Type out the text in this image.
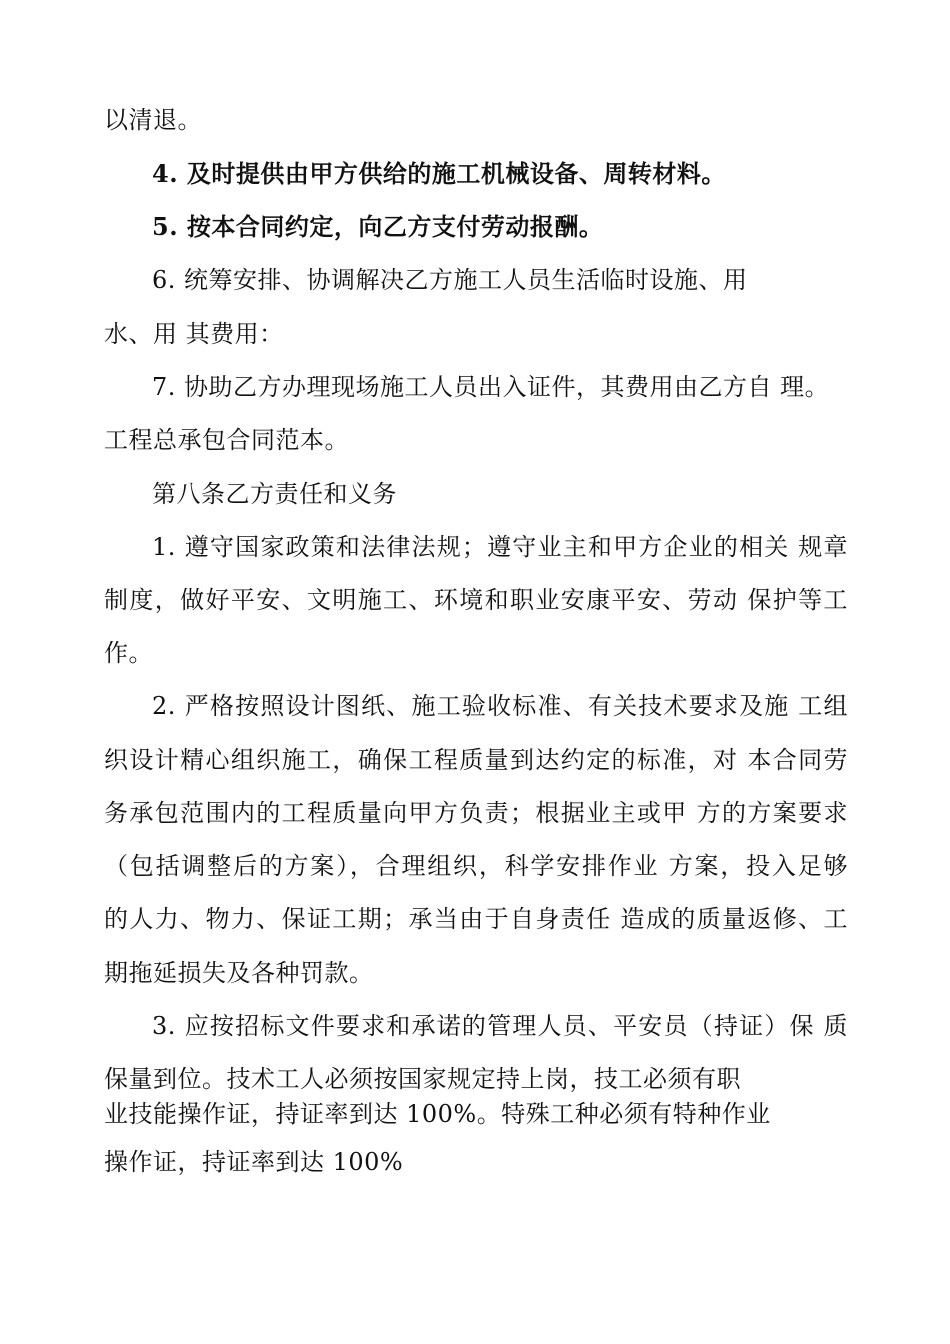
以清退。
4. 及时提供由甲方供给的施工机械设备、周转材料。
5. 按本合同约定，向乙方支付劳动报酬。
6. 统筹安排、协调解决乙方施工人员生活临时设施、用
水、用 其费用：
7. 协助乙方办理现场施工人员出入证件，其费用由乙方自 理。
工程总承包合同范本。
第八条乙方责任和义务
1. 遵守国家政策和法律法规；遵守业主和甲方企业的相关 规章
制度，做好平安、文明施工、环境和职业安康平安、劳动 保护等工
作。
2. 严格按照设计图纸、施工验收标准、有关技术要求及施 工组
织设计精心组织施工，确保工程质量到达约定的标准，对 本合同劳
务承包范围内的工程质量向甲方负责；根据业主或甲 方的方案要求
（包括调整后的方案），合理组织，科学安排作业 方案，投入足够
的人力、物力、保证工期；承当由于自身责任 造成的质量返修、工
期拖延损失及各种罚款。
3. 应按招标文件要求和承诺的管理人员、平安员（持证）保 质
保量到位。技术工人必须按国家规定持上岗，技工必须有职
业技能操作证，持证率到达 100%。特殊工种必须有特种作业
操作证，持证率到达 100%
